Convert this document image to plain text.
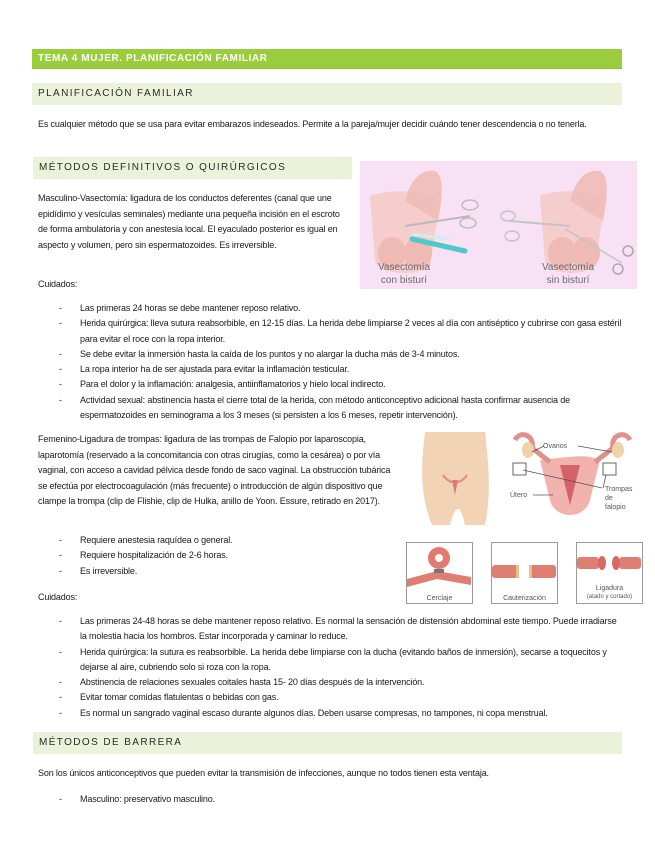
TEMA 4 MUJER. PLANIFICACIÓN FAMILIAR
PLANIFICACIÓN FAMILIAR

Es cualquier método que se usa para evitar embarazos indeseados. Permite a la pareja/mujer decidir cuándo tener descendencia o no tenerla.

MÉTODOS DEFINITIVOS O QUIRÚRGICOS

Masculino-Vasectomía: ligadura de los conductos deferentes (canal que une epidídimo y vesículas seminales) mediante una pequeña incisión en el escroto de forma ambulatoria y con anestesia local. El eyaculado posterior es igual en aspecto y volumen, pero sin espermatozoides. Es irreversible.

Vasectomía
con bisturí
Vasectomía
sin bisturí

Cuidados:

- Las primeras 24 horas se debe mantener reposo relativo.
- Herida quirúrgica: lleva sutura reabsorbible, en 12-15 días. La herida debe limpiarse 2 veces al día con antiséptico y cubrirse con gasa estéril para evitar el roce con la ropa interior.
- Se debe evitar la inmersión hasta la caída de los puntos y no alargar la ducha más de 3-4 minutos.
- La ropa interior ha de ser ajustada para evitar la inflamación testicular.
- Para el dolor y la inflamación: analgesia, antiinflamatorios y hielo local indirecto.
- Actividad sexual: abstinencia hasta el cierre total de la herida, con método anticonceptivo adicional hasta confirmar ausencia de espermatozoides en seminograma a los 3 meses (si persisten a los 6 meses, repetir intervención).

Femenino-Ligadura de trompas: ligadura de las trompas de Falopio por laparoscopia, laparotomía (reservado a la concomitancia con otras cirugías, como la cesárea) o por vía vaginal, con acceso a cavidad pélvica desde fondo de saco vaginal. La obstrucción tubárica se efectúa por electrocoagulación (más frecuente) o introducción de algún dispositivo que clampe la trompa (clip de Flishie, clip de Hulka, anillo de Yoon. Essure, retirado en 2017).

Ovarios
Útero
Trompas
de
falopio
- Requiere anestesia raquídea o general.
- Requiere hospitalización de 2-6 horas.
- Es irreversible.
Cerclaje	Cauterización
Ligadura
(atado y cortado)

Cuidados:

- Las primeras 24-48 horas se debe mantener reposo relativo. Es normal la sensación de distensión abdominal este tiempo. Puede irradiarse la molestia hacia los hombros. Estar incorporada y caminar lo reduce.
- Herida quirúrgica: la sutura es reabsorbible. La herida debe limpiarse con la ducha (evitando baños de inmersión), secarse a toquecitos y dejarse al aire, cubriendo solo si roza con la ropa.
- Abstinencia de relaciones sexuales coitales hasta 15- 20 días después de la intervención.
- Evitar tomar comidas flatulentas o bebidas con gas.
- Es normal un sangrado vaginal escaso durante algunos días. Deben usarse compresas, no tampones, ni copa menstrual.
MÉTODOS DE BARRERA

Son los únicos anticonceptivos que pueden evitar la transmisión de infecciones, aunque no todos tienen esta ventaja.

- Masculino: preservativo masculino.
